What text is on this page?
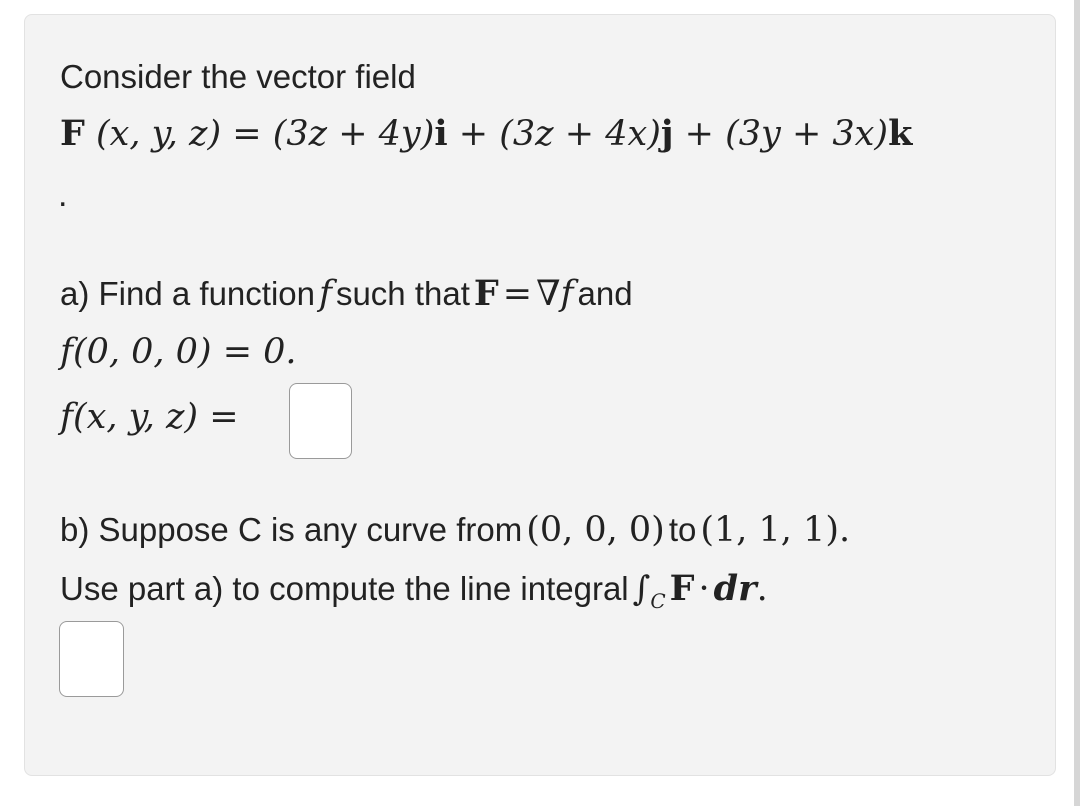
Consider the vector field
F (x, y, z) = (3z + 4y)i + (3z + 4x)j + (3y + 3x)k
.
a) Find a function f such that F = ∇f and
f(0, 0, 0) = 0.
f(x, y, z) =
b) Suppose C is any curve from (0, 0, 0) to (1, 1, 1).
Use part a) to compute the line integral ∫C F · dr.
